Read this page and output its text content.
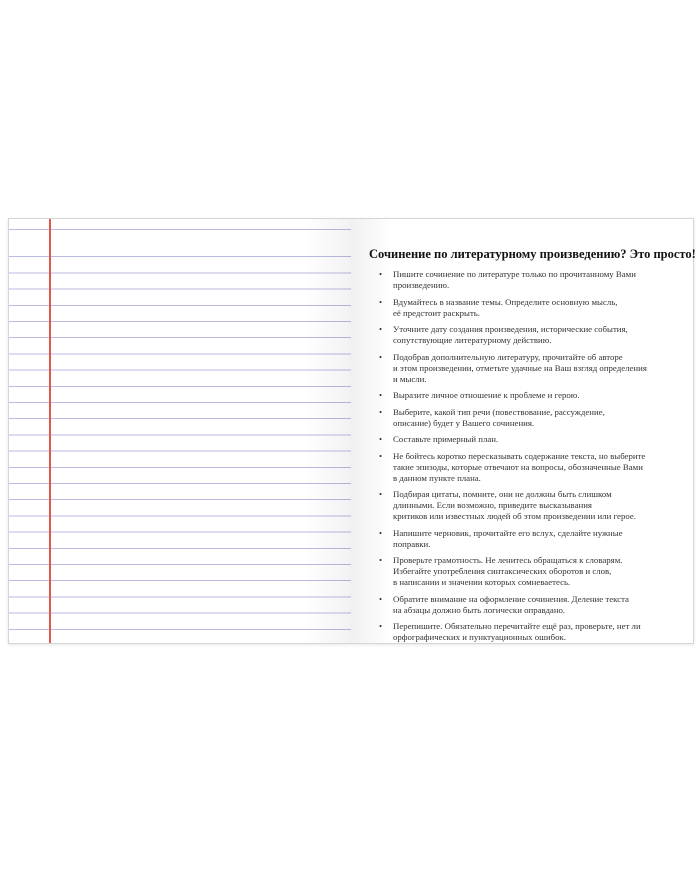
Сочинение по литературному произведению? Это просто!
• Пишите сочинение по литературе только по прочитанному Вами
произведению.
• Вдумайтесь в название темы. Определите основную мысль,
её предстоит раскрыть.
• Уточните дату создания произведения, исторические события,
сопутствующие литературному действию.
• Подобрав дополнительную литературу, прочитайте об авторе
и этом произведении, отметьте удачные на Ваш взгляд определения
и мысли.
• Выразите личное отношение к проблеме и герою.
• Выберите, какой тип речи (повествование, рассуждение,
описание) будет у Вашего сочинения.
• Составьте примерный план.
• Не бойтесь коротко пересказывать содержание текста, но выберите
такие эпизоды, которые отвечают на вопросы, обозначенные Вами
в данном пункте плана.
• Подбирая цитаты, помните, они не должны быть слишком
длинными. Если возможно, приведите высказывания
критиков или известных людей об этом произведении или герое.
• Напишите черновик, прочитайте его вслух, сделайте нужные
поправки.
• Проверьте грамотность. Не ленитесь обращаться к словарям.
Избегайте употребления синтаксических оборотов и слов,
в написании и значении которых сомневаетесь.
• Обратите внимание на оформление сочинения. Деление текста
на абзацы должно быть логически оправдано.
• Перепишите. Обязательно перечитайте ещё раз, проверьте, нет ли
орфографических и пунктуационных ошибок.
